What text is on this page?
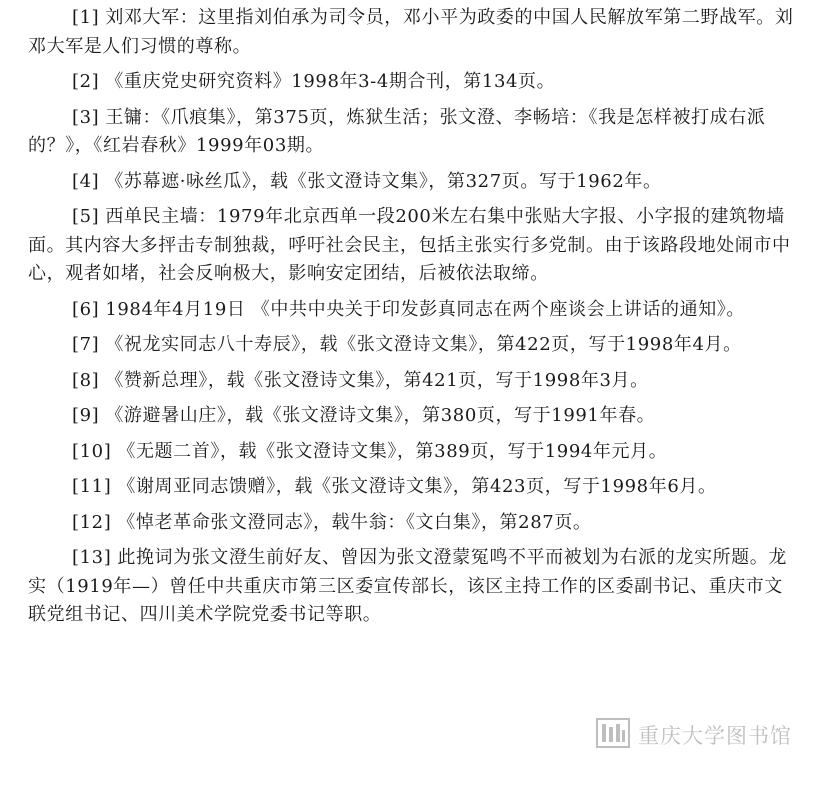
[1] 刘邓大军：这里指刘伯承为司令员，邓小平为政委的中国人民解放军第二野战军。刘邓大军是人们习惯的尊称。

[2] 《重庆党史研究资料》1998年3-4期合刊，第134页。

[3] 王镛：《爪痕集》，第375页，炼狱生活；张文澄、李畅培：《我是怎样被打成右派的？》，《红岩春秋》1999年03期。

[4] 《苏幕遮·咏丝瓜》，载《张文澄诗文集》，第327页。写于1962年。

[5] 西单民主墙：1979年北京西单一段200米左右集中张贴大字报、小字报的建筑物墙面。其内容大多抨击专制独裁，呼吁社会民主，包括主张实行多党制。由于该路段地处闹市中心，观者如堵，社会反响极大，影响安定团结，后被依法取缔。

[6] 1984年4月19日 《中共中央关于印发彭真同志在两个座谈会上讲话的通知》。

[7] 《祝龙实同志八十寿辰》，载《张文澄诗文集》，第422页，写于1998年4月。

[8] 《赞新总理》，载《张文澄诗文集》，第421页，写于1998年3月。

[9] 《游避暑山庄》，载《张文澄诗文集》，第380页，写于1991年春。

[10] 《无题二首》，载《张文澄诗文集》，第389页，写于1994年元月。

[11] 《谢周亚同志馈赠》，载《张文澄诗文集》，第423页，写于1998年6月。

[12] 《悼老革命张文澄同志》，载牛翁：《文白集》，第287页。

[13] 此挽词为张文澄生前好友、曾因为张文澄蒙冤鸣不平而被划为右派的龙实所题。龙实（1919年—）曾任中共重庆市第三区委宣传部长，该区主持工作的区委副书记、重庆市文联党组书记、四川美术学院党委书记等职。

重庆大学图书馆
